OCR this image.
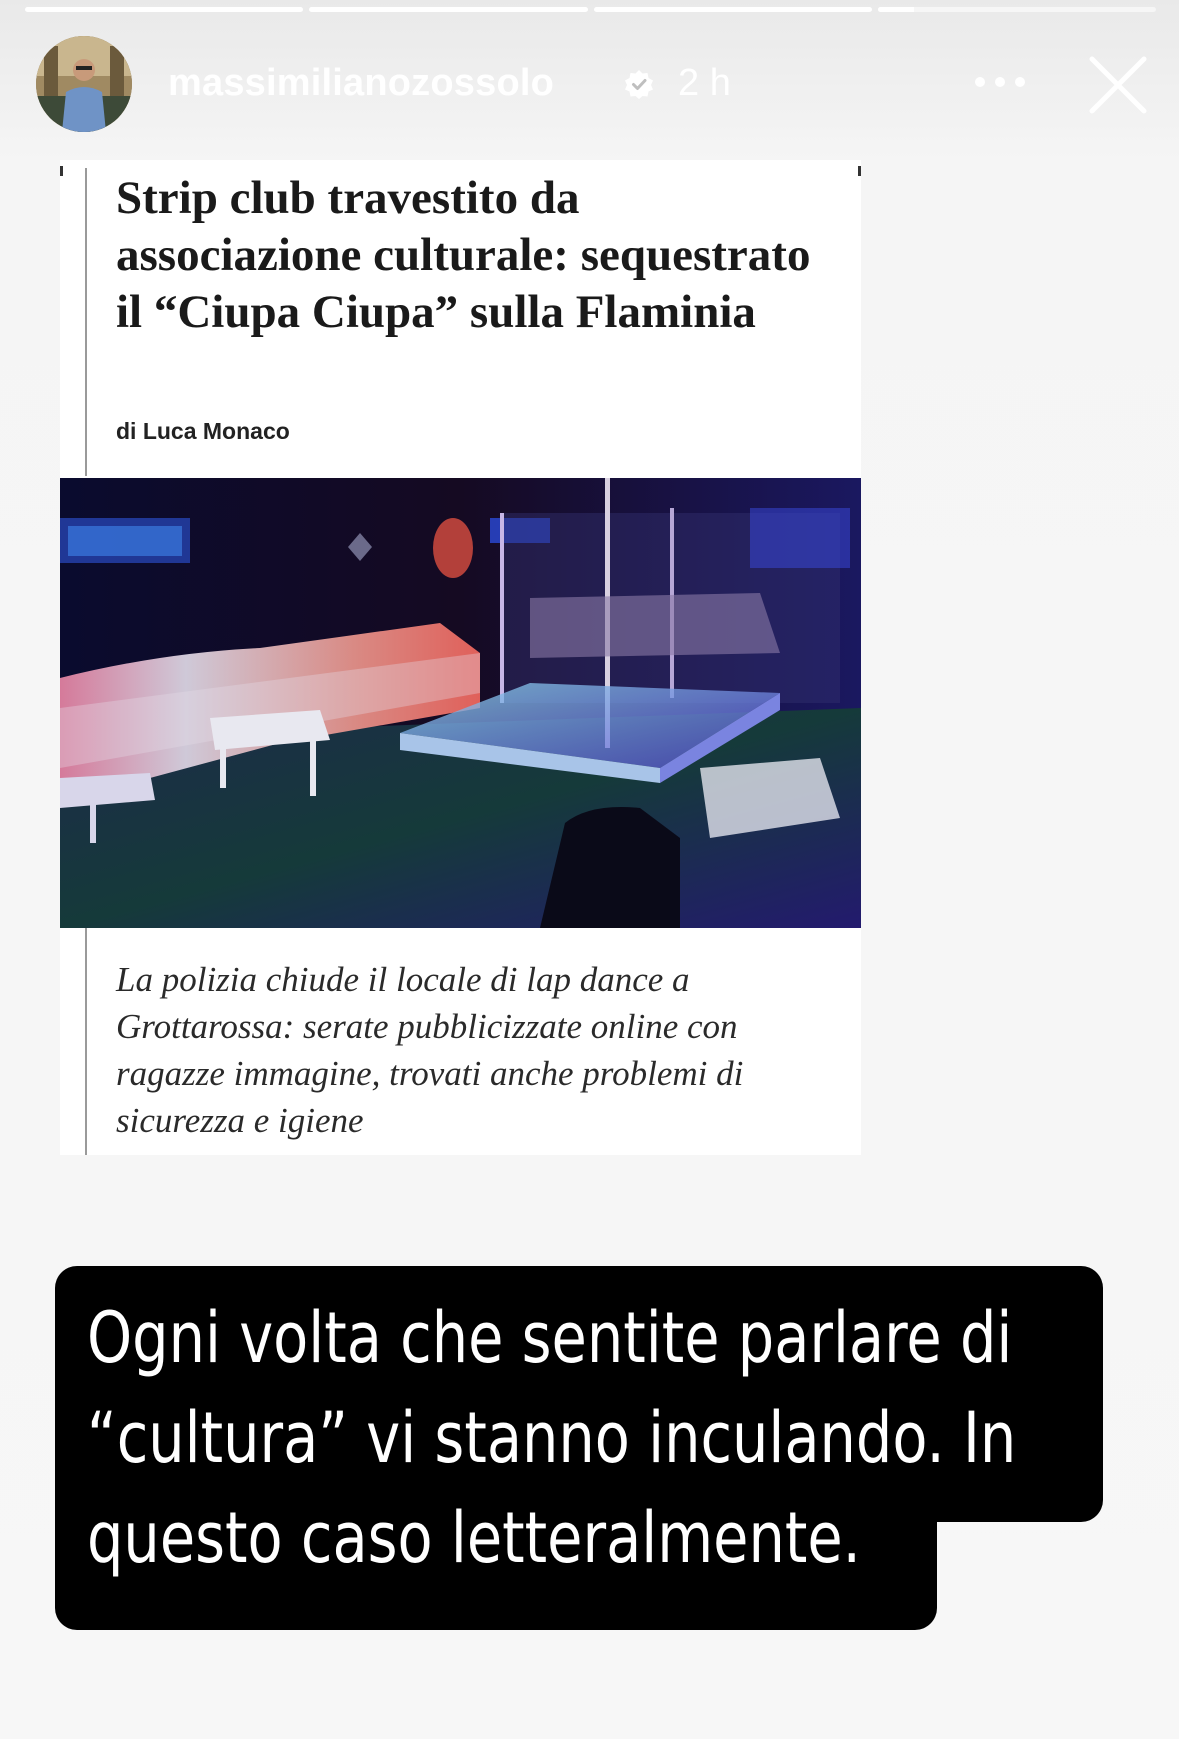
massimilianozossolo	2 h
Strip club travestito da associazione culturale: sequestrato il “Ciupa Ciupa” sulla Flaminia
di Luca Monaco

La polizia chiude il locale di lap dance a Grottarossa: serate pubblicizzate online con ragazze immagine, trovati anche problemi di sicurezza e igiene

Ogni volta che sentite parlare di
“cultura” vi stanno inculando. In
questo caso letteralmente.
